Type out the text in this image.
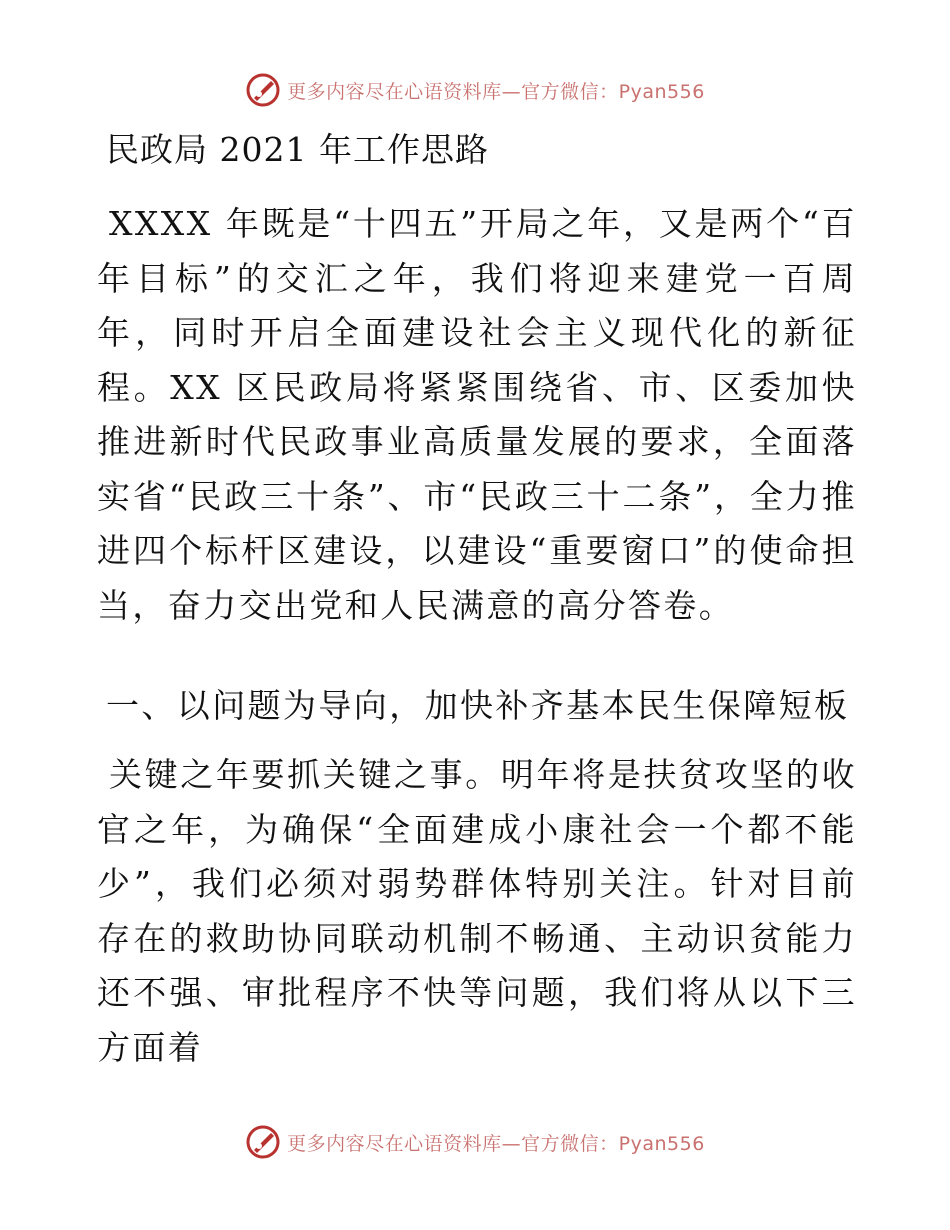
更多内容尽在心语资料库—官方微信：Pyan556
民政局 2021 年工作思路
XXXX 年既是“十四五”开局之年，又是两个“百年目标”的交汇之年，我们将迎来建党一百周年，同时开启全面建设社会主义现代化的新征程。XX 区民政局将紧紧围绕省、市、区委加快推进新时代民政事业高质量发展的要求，全面落实省“民政三十条”、市“民政三十二条”，全力推进四个标杆区建设，以建设“重要窗口”的使命担当，奋力交出党和人民满意的高分答卷。
一、以问题为导向，加快补齐基本民生保障短板
关键之年要抓关键之事。明年将是扶贫攻坚的收官之年，为确保“全面建成小康社会一个都不能少”，我们必须对弱势群体特别关注。针对目前存在的救助协同联动机制不畅通、主动识贫能力还不强、审批程序不快等问题，我们将从以下三方面着
更多内容尽在心语资料库—官方微信：Pyan556
